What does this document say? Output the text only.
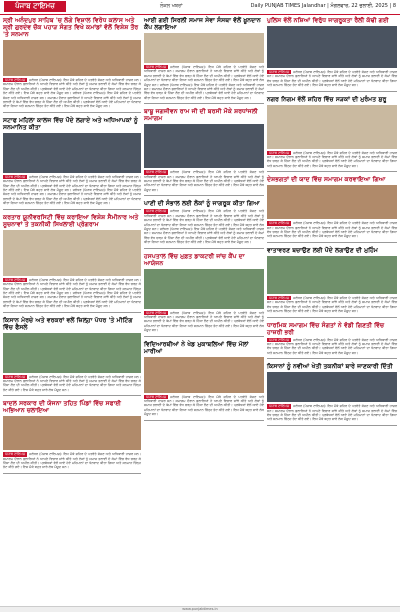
ਪੰਜਾਬ ਟਾਇਮਜ਼	ਲੋਕਲ ਖਬਰਾਂ	Daily PUNJAB TIMES Jalandhar | ਮੰਗਲਵਾਰ, 22 ਜੁਲਾਈ, 2025 | 8
ਸ੍ਰੀ ਅਨੰਦਪੁਰ ਸਾਹਿਬ 'ਚ ਲੱਗੇ ਵਿਸ਼ਾਲ ਵਿਰੋਧ ਕਲਾਸ ਅਤੇ ਸ਼੍ਰੀ ਗੁਰਦੇਵ ਚੌਕ ਪਹਾੜ ਸੰਗਤ ਵਿਖੇ ਕਮਾਂਡਾਂ ਵੱਲੋਂ ਵਿਸ਼ੇਸ਼ ਤੌਰ 'ਤੇ ਸਨਮਾਨ
ਪੰਜਾਬ ਟਾਇਮਜ਼ ਜਲੰਧਰ (ਪੰਜਾਬ ਟਾਇਮਜ਼): ਇਸ ਮੌਕੇ ਸ਼ਹਿਰ ਦੇ ਪਤਵੰਤੇ ਸੱਜਣ ਅਤੇ ਅਧਿਕਾਰੀ ਹਾਜ਼ਰ ਸਨ। ਸਮਾਗਮ ਦੌਰਾਨ ਬੁਲਾਰਿਆਂ ਨੇ ਆਪਣੇ ਵਿਚਾਰ ਸਾਂਝੇ ਕੀਤੇ ਅਤੇ ਲੋਕਾਂ ਨੂੰ ਸਮਾਜ ਭਲਾਈ ਦੇ ਕੰਮਾਂ ਵਿੱਚ ਵੱਧ ਚੜ੍ਹ ਕੇ ਹਿੱਸਾ ਲੈਣ ਦੀ ਅਪੀਲ ਕੀਤੀ। ਪ੍ਰਬੰਧਕਾਂ ਵੱਲੋਂ ਆਏ ਹੋਏ ਮਹਿਮਾਨਾਂ ਦਾ ਧੰਨਵਾਦ ਕੀਤਾ ਗਿਆ ਅਤੇ ਸਨਮਾਨ ਚਿੰਨ੍ਹ ਭੇਟ ਕੀਤੇ ਗਏ। ਇਸ ਮੌਕੇ ਬਹੁਤ ਸਾਰੇ ਲੋਕ ਮੌਜੂਦ ਸਨ। ਜਲੰਧਰ (ਪੰਜਾਬ ਟਾਇਮਜ਼): ਇਸ ਮੌਕੇ ਸ਼ਹਿਰ ਦੇ ਪਤਵੰਤੇ ਸੱਜਣ ਅਤੇ ਅਧਿਕਾਰੀ ਹਾਜ਼ਰ ਸਨ। ਸਮਾਗਮ ਦੌਰਾਨ ਬੁਲਾਰਿਆਂ ਨੇ ਆਪਣੇ ਵਿਚਾਰ ਸਾਂਝੇ ਕੀਤੇ ਅਤੇ ਲੋਕਾਂ ਨੂੰ ਸਮਾਜ ਭਲਾਈ ਦੇ ਕੰਮਾਂ ਵਿੱਚ ਵੱਧ ਚੜ੍ਹ ਕੇ ਹਿੱਸਾ ਲੈਣ ਦੀ ਅਪੀਲ ਕੀਤੀ। ਪ੍ਰਬੰਧਕਾਂ ਵੱਲੋਂ ਆਏ ਹੋਏ ਮਹਿਮਾਨਾਂ ਦਾ ਧੰਨਵਾਦ ਕੀਤਾ ਗਿਆ ਅਤੇ ਸਨਮਾਨ ਚਿੰਨ੍ਹ ਭੇਟ ਕੀਤੇ ਗਏ। ਇਸ ਮੌਕੇ ਬਹੁਤ ਸਾਰੇ ਲੋਕ ਮੌਜੂਦ ਸਨ।
ਸਟਾਫ ਮਹਿਲਾ ਕਾਲਜ ਵਿੱਚ ਪੌਦੇ ਲਗਾਏ ਅਤੇ ਅਧਿਆਪਕਾਂ ਨੂੰ ਸਨਮਾਨਿਤ ਕੀਤਾ
ਪੰਜਾਬ ਟਾਇਮਜ਼ ਜਲੰਧਰ (ਪੰਜਾਬ ਟਾਇਮਜ਼): ਇਸ ਮੌਕੇ ਸ਼ਹਿਰ ਦੇ ਪਤਵੰਤੇ ਸੱਜਣ ਅਤੇ ਅਧਿਕਾਰੀ ਹਾਜ਼ਰ ਸਨ। ਸਮਾਗਮ ਦੌਰਾਨ ਬੁਲਾਰਿਆਂ ਨੇ ਆਪਣੇ ਵਿਚਾਰ ਸਾਂਝੇ ਕੀਤੇ ਅਤੇ ਲੋਕਾਂ ਨੂੰ ਸਮਾਜ ਭਲਾਈ ਦੇ ਕੰਮਾਂ ਵਿੱਚ ਵੱਧ ਚੜ੍ਹ ਕੇ ਹਿੱਸਾ ਲੈਣ ਦੀ ਅਪੀਲ ਕੀਤੀ। ਪ੍ਰਬੰਧਕਾਂ ਵੱਲੋਂ ਆਏ ਹੋਏ ਮਹਿਮਾਨਾਂ ਦਾ ਧੰਨਵਾਦ ਕੀਤਾ ਗਿਆ ਅਤੇ ਸਨਮਾਨ ਚਿੰਨ੍ਹ ਭੇਟ ਕੀਤੇ ਗਏ। ਇਸ ਮੌਕੇ ਬਹੁਤ ਸਾਰੇ ਲੋਕ ਮੌਜੂਦ ਸਨ। ਜਲੰਧਰ (ਪੰਜਾਬ ਟਾਇਮਜ਼): ਇਸ ਮੌਕੇ ਸ਼ਹਿਰ ਦੇ ਪਤਵੰਤੇ ਸੱਜਣ ਅਤੇ ਅਧਿਕਾਰੀ ਹਾਜ਼ਰ ਸਨ। ਸਮਾਗਮ ਦੌਰਾਨ ਬੁਲਾਰਿਆਂ ਨੇ ਆਪਣੇ ਵਿਚਾਰ ਸਾਂਝੇ ਕੀਤੇ ਅਤੇ ਲੋਕਾਂ ਨੂੰ ਸਮਾਜ ਭਲਾਈ ਦੇ ਕੰਮਾਂ ਵਿੱਚ ਵੱਧ ਚੜ੍ਹ ਕੇ ਹਿੱਸਾ ਲੈਣ ਦੀ ਅਪੀਲ ਕੀਤੀ। ਪ੍ਰਬੰਧਕਾਂ ਵੱਲੋਂ ਆਏ ਹੋਏ ਮਹਿਮਾਨਾਂ ਦਾ ਧੰਨਵਾਦ ਕੀਤਾ ਗਿਆ ਅਤੇ ਸਨਮਾਨ ਚਿੰਨ੍ਹ ਭੇਟ ਕੀਤੇ ਗਏ। ਇਸ ਮੌਕੇ ਬਹੁਤ ਸਾਰੇ ਲੋਕ ਮੌਜੂਦ ਸਨ।
ਕਰਤਾਰ ਯੂਨੀਵਰਸਿਟੀ ਵਿੱਚ ਕਰਾਇਆ ਵਿਸ਼ੇਸ਼ ਸੈਮੀਨਾਰ ਅਤੇ ਸੂਚਨਾਵਾਂ ਤੇ ਤਕਨੀਕੀ ਸਿਖਲਾਈ ਪ੍ਰੋਗਰਾਮ
ਪੰਜਾਬ ਟਾਇਮਜ਼ ਜਲੰਧਰ (ਪੰਜਾਬ ਟਾਇਮਜ਼): ਇਸ ਮੌਕੇ ਸ਼ਹਿਰ ਦੇ ਪਤਵੰਤੇ ਸੱਜਣ ਅਤੇ ਅਧਿਕਾਰੀ ਹਾਜ਼ਰ ਸਨ। ਸਮਾਗਮ ਦੌਰਾਨ ਬੁਲਾਰਿਆਂ ਨੇ ਆਪਣੇ ਵਿਚਾਰ ਸਾਂਝੇ ਕੀਤੇ ਅਤੇ ਲੋਕਾਂ ਨੂੰ ਸਮਾਜ ਭਲਾਈ ਦੇ ਕੰਮਾਂ ਵਿੱਚ ਵੱਧ ਚੜ੍ਹ ਕੇ ਹਿੱਸਾ ਲੈਣ ਦੀ ਅਪੀਲ ਕੀਤੀ। ਪ੍ਰਬੰਧਕਾਂ ਵੱਲੋਂ ਆਏ ਹੋਏ ਮਹਿਮਾਨਾਂ ਦਾ ਧੰਨਵਾਦ ਕੀਤਾ ਗਿਆ ਅਤੇ ਸਨਮਾਨ ਚਿੰਨ੍ਹ ਭੇਟ ਕੀਤੇ ਗਏ। ਇਸ ਮੌਕੇ ਬਹੁਤ ਸਾਰੇ ਲੋਕ ਮੌਜੂਦ ਸਨ। ਜਲੰਧਰ (ਪੰਜਾਬ ਟਾਇਮਜ਼): ਇਸ ਮੌਕੇ ਸ਼ਹਿਰ ਦੇ ਪਤਵੰਤੇ ਸੱਜਣ ਅਤੇ ਅਧਿਕਾਰੀ ਹਾਜ਼ਰ ਸਨ। ਸਮਾਗਮ ਦੌਰਾਨ ਬੁਲਾਰਿਆਂ ਨੇ ਆਪਣੇ ਵਿਚਾਰ ਸਾਂਝੇ ਕੀਤੇ ਅਤੇ ਲੋਕਾਂ ਨੂੰ ਸਮਾਜ ਭਲਾਈ ਦੇ ਕੰਮਾਂ ਵਿੱਚ ਵੱਧ ਚੜ੍ਹ ਕੇ ਹਿੱਸਾ ਲੈਣ ਦੀ ਅਪੀਲ ਕੀਤੀ। ਪ੍ਰਬੰਧਕਾਂ ਵੱਲੋਂ ਆਏ ਹੋਏ ਮਹਿਮਾਨਾਂ ਦਾ ਧੰਨਵਾਦ ਕੀਤਾ ਗਿਆ ਅਤੇ ਸਨਮਾਨ ਚਿੰਨ੍ਹ ਭੇਟ ਕੀਤੇ ਗਏ। ਇਸ ਮੌਕੇ ਬਹੁਤ ਸਾਰੇ ਲੋਕ ਮੌਜੂਦ ਸਨ।
ਕਿਸਾਨ ਮੋਰਚੇ ਅਤੇ ਵਰਕਰਾਂ ਵਲੋਂ ਜ਼ਿਲ੍ਹਾ ਪੱਧਰ 'ਤੇ ਮੀਟਿੰਗ ਵਿੱਚ ਫੈਸਲੇ
ਪੰਜਾਬ ਟਾਇਮਜ਼ ਜਲੰਧਰ (ਪੰਜਾਬ ਟਾਇਮਜ਼): ਇਸ ਮੌਕੇ ਸ਼ਹਿਰ ਦੇ ਪਤਵੰਤੇ ਸੱਜਣ ਅਤੇ ਅਧਿਕਾਰੀ ਹਾਜ਼ਰ ਸਨ। ਸਮਾਗਮ ਦੌਰਾਨ ਬੁਲਾਰਿਆਂ ਨੇ ਆਪਣੇ ਵਿਚਾਰ ਸਾਂਝੇ ਕੀਤੇ ਅਤੇ ਲੋਕਾਂ ਨੂੰ ਸਮਾਜ ਭਲਾਈ ਦੇ ਕੰਮਾਂ ਵਿੱਚ ਵੱਧ ਚੜ੍ਹ ਕੇ ਹਿੱਸਾ ਲੈਣ ਦੀ ਅਪੀਲ ਕੀਤੀ। ਪ੍ਰਬੰਧਕਾਂ ਵੱਲੋਂ ਆਏ ਹੋਏ ਮਹਿਮਾਨਾਂ ਦਾ ਧੰਨਵਾਦ ਕੀਤਾ ਗਿਆ ਅਤੇ ਸਨਮਾਨ ਚਿੰਨ੍ਹ ਭੇਟ ਕੀਤੇ ਗਏ। ਇਸ ਮੌਕੇ ਬਹੁਤ ਸਾਰੇ ਲੋਕ ਮੌਜੂਦ ਸਨ।
ਬਾਦਲ ਸਰਕਾਰ ਦੀ ਯੋਜਨਾ ਤਹਿਤ ਪਿੰਡਾਂ ਵਿੱਚ ਸਫਾਈ ਅਭਿਆਨ ਚਲਾਇਆ
ਪੰਜਾਬ ਟਾਇਮਜ਼ ਜਲੰਧਰ (ਪੰਜਾਬ ਟਾਇਮਜ਼): ਇਸ ਮੌਕੇ ਸ਼ਹਿਰ ਦੇ ਪਤਵੰਤੇ ਸੱਜਣ ਅਤੇ ਅਧਿਕਾਰੀ ਹਾਜ਼ਰ ਸਨ। ਸਮਾਗਮ ਦੌਰਾਨ ਬੁਲਾਰਿਆਂ ਨੇ ਆਪਣੇ ਵਿਚਾਰ ਸਾਂਝੇ ਕੀਤੇ ਅਤੇ ਲੋਕਾਂ ਨੂੰ ਸਮਾਜ ਭਲਾਈ ਦੇ ਕੰਮਾਂ ਵਿੱਚ ਵੱਧ ਚੜ੍ਹ ਕੇ ਹਿੱਸਾ ਲੈਣ ਦੀ ਅਪੀਲ ਕੀਤੀ। ਪ੍ਰਬੰਧਕਾਂ ਵੱਲੋਂ ਆਏ ਹੋਏ ਮਹਿਮਾਨਾਂ ਦਾ ਧੰਨਵਾਦ ਕੀਤਾ ਗਿਆ ਅਤੇ ਸਨਮਾਨ ਚਿੰਨ੍ਹ ਭੇਟ ਕੀਤੇ ਗਏ। ਇਸ ਮੌਕੇ ਬਹੁਤ ਸਾਰੇ ਲੋਕ ਮੌਜੂਦ ਸਨ।
ਆਈ ਗਈ ਸਿਰਲੀ ਸਮਾਜ ਸੇਵਾ ਸੰਸਥਾ ਵੱਲੋਂ ਖ਼ੂਨਦਾਨ ਕੈਂਪ ਲਗਾਇਆ
ਪੰਜਾਬ ਟਾਇਮਜ਼ ਜਲੰਧਰ (ਪੰਜਾਬ ਟਾਇਮਜ਼): ਇਸ ਮੌਕੇ ਸ਼ਹਿਰ ਦੇ ਪਤਵੰਤੇ ਸੱਜਣ ਅਤੇ ਅਧਿਕਾਰੀ ਹਾਜ਼ਰ ਸਨ। ਸਮਾਗਮ ਦੌਰਾਨ ਬੁਲਾਰਿਆਂ ਨੇ ਆਪਣੇ ਵਿਚਾਰ ਸਾਂਝੇ ਕੀਤੇ ਅਤੇ ਲੋਕਾਂ ਨੂੰ ਸਮਾਜ ਭਲਾਈ ਦੇ ਕੰਮਾਂ ਵਿੱਚ ਵੱਧ ਚੜ੍ਹ ਕੇ ਹਿੱਸਾ ਲੈਣ ਦੀ ਅਪੀਲ ਕੀਤੀ। ਪ੍ਰਬੰਧਕਾਂ ਵੱਲੋਂ ਆਏ ਹੋਏ ਮਹਿਮਾਨਾਂ ਦਾ ਧੰਨਵਾਦ ਕੀਤਾ ਗਿਆ ਅਤੇ ਸਨਮਾਨ ਚਿੰਨ੍ਹ ਭੇਟ ਕੀਤੇ ਗਏ। ਇਸ ਮੌਕੇ ਬਹੁਤ ਸਾਰੇ ਲੋਕ ਮੌਜੂਦ ਸਨ। ਜਲੰਧਰ (ਪੰਜਾਬ ਟਾਇਮਜ਼): ਇਸ ਮੌਕੇ ਸ਼ਹਿਰ ਦੇ ਪਤਵੰਤੇ ਸੱਜਣ ਅਤੇ ਅਧਿਕਾਰੀ ਹਾਜ਼ਰ ਸਨ। ਸਮਾਗਮ ਦੌਰਾਨ ਬੁਲਾਰਿਆਂ ਨੇ ਆਪਣੇ ਵਿਚਾਰ ਸਾਂਝੇ ਕੀਤੇ ਅਤੇ ਲੋਕਾਂ ਨੂੰ ਸਮਾਜ ਭਲਾਈ ਦੇ ਕੰਮਾਂ ਵਿੱਚ ਵੱਧ ਚੜ੍ਹ ਕੇ ਹਿੱਸਾ ਲੈਣ ਦੀ ਅਪੀਲ ਕੀਤੀ। ਪ੍ਰਬੰਧਕਾਂ ਵੱਲੋਂ ਆਏ ਹੋਏ ਮਹਿਮਾਨਾਂ ਦਾ ਧੰਨਵਾਦ ਕੀਤਾ ਗਿਆ ਅਤੇ ਸਨਮਾਨ ਚਿੰਨ੍ਹ ਭੇਟ ਕੀਤੇ ਗਏ। ਇਸ ਮੌਕੇ ਬਹੁਤ ਸਾਰੇ ਲੋਕ ਮੌਜੂਦ ਸਨ।
ਬਾਬੂ ਜਗਜੀਵਨ ਰਾਮ ਜੀ ਦੀ ਬਰਸੀ ਮੌਕੇ ਸ਼ਰਧਾਂਜਲੀ ਸਮਾਗਮ
ਪੰਜਾਬ ਟਾਇਮਜ਼ ਜਲੰਧਰ (ਪੰਜਾਬ ਟਾਇਮਜ਼): ਇਸ ਮੌਕੇ ਸ਼ਹਿਰ ਦੇ ਪਤਵੰਤੇ ਸੱਜਣ ਅਤੇ ਅਧਿਕਾਰੀ ਹਾਜ਼ਰ ਸਨ। ਸਮਾਗਮ ਦੌਰਾਨ ਬੁਲਾਰਿਆਂ ਨੇ ਆਪਣੇ ਵਿਚਾਰ ਸਾਂਝੇ ਕੀਤੇ ਅਤੇ ਲੋਕਾਂ ਨੂੰ ਸਮਾਜ ਭਲਾਈ ਦੇ ਕੰਮਾਂ ਵਿੱਚ ਵੱਧ ਚੜ੍ਹ ਕੇ ਹਿੱਸਾ ਲੈਣ ਦੀ ਅਪੀਲ ਕੀਤੀ। ਪ੍ਰਬੰਧਕਾਂ ਵੱਲੋਂ ਆਏ ਹੋਏ ਮਹਿਮਾਨਾਂ ਦਾ ਧੰਨਵਾਦ ਕੀਤਾ ਗਿਆ ਅਤੇ ਸਨਮਾਨ ਚਿੰਨ੍ਹ ਭੇਟ ਕੀਤੇ ਗਏ। ਇਸ ਮੌਕੇ ਬਹੁਤ ਸਾਰੇ ਲੋਕ ਮੌਜੂਦ ਸਨ।
ਪਾਣੀ ਦੀ ਸੰਭਾਲ ਲਈ ਲੋਕਾਂ ਨੂੰ ਜਾਗਰੂਕ ਕੀਤਾ ਗਿਆ
ਪੰਜਾਬ ਟਾਇਮਜ਼ ਜਲੰਧਰ (ਪੰਜਾਬ ਟਾਇਮਜ਼): ਇਸ ਮੌਕੇ ਸ਼ਹਿਰ ਦੇ ਪਤਵੰਤੇ ਸੱਜਣ ਅਤੇ ਅਧਿਕਾਰੀ ਹਾਜ਼ਰ ਸਨ। ਸਮਾਗਮ ਦੌਰਾਨ ਬੁਲਾਰਿਆਂ ਨੇ ਆਪਣੇ ਵਿਚਾਰ ਸਾਂਝੇ ਕੀਤੇ ਅਤੇ ਲੋਕਾਂ ਨੂੰ ਸਮਾਜ ਭਲਾਈ ਦੇ ਕੰਮਾਂ ਵਿੱਚ ਵੱਧ ਚੜ੍ਹ ਕੇ ਹਿੱਸਾ ਲੈਣ ਦੀ ਅਪੀਲ ਕੀਤੀ। ਪ੍ਰਬੰਧਕਾਂ ਵੱਲੋਂ ਆਏ ਹੋਏ ਮਹਿਮਾਨਾਂ ਦਾ ਧੰਨਵਾਦ ਕੀਤਾ ਗਿਆ ਅਤੇ ਸਨਮਾਨ ਚਿੰਨ੍ਹ ਭੇਟ ਕੀਤੇ ਗਏ। ਇਸ ਮੌਕੇ ਬਹੁਤ ਸਾਰੇ ਲੋਕ ਮੌਜੂਦ ਸਨ। ਜਲੰਧਰ (ਪੰਜਾਬ ਟਾਇਮਜ਼): ਇਸ ਮੌਕੇ ਸ਼ਹਿਰ ਦੇ ਪਤਵੰਤੇ ਸੱਜਣ ਅਤੇ ਅਧਿਕਾਰੀ ਹਾਜ਼ਰ ਸਨ। ਸਮਾਗਮ ਦੌਰਾਨ ਬੁਲਾਰਿਆਂ ਨੇ ਆਪਣੇ ਵਿਚਾਰ ਸਾਂਝੇ ਕੀਤੇ ਅਤੇ ਲੋਕਾਂ ਨੂੰ ਸਮਾਜ ਭਲਾਈ ਦੇ ਕੰਮਾਂ ਵਿੱਚ ਵੱਧ ਚੜ੍ਹ ਕੇ ਹਿੱਸਾ ਲੈਣ ਦੀ ਅਪੀਲ ਕੀਤੀ। ਪ੍ਰਬੰਧਕਾਂ ਵੱਲੋਂ ਆਏ ਹੋਏ ਮਹਿਮਾਨਾਂ ਦਾ ਧੰਨਵਾਦ ਕੀਤਾ ਗਿਆ ਅਤੇ ਸਨਮਾਨ ਚਿੰਨ੍ਹ ਭੇਟ ਕੀਤੇ ਗਏ। ਇਸ ਮੌਕੇ ਬਹੁਤ ਸਾਰੇ ਲੋਕ ਮੌਜੂਦ ਸਨ।
ਹਸਪਤਾਲ ਵਿੱਚ ਮੁਫ਼ਤ ਡਾਕਟਰੀ ਜਾਂਚ ਕੈਂਪ ਦਾ ਆਯੋਜਨ
ਪੰਜਾਬ ਟਾਇਮਜ਼ ਜਲੰਧਰ (ਪੰਜਾਬ ਟਾਇਮਜ਼): ਇਸ ਮੌਕੇ ਸ਼ਹਿਰ ਦੇ ਪਤਵੰਤੇ ਸੱਜਣ ਅਤੇ ਅਧਿਕਾਰੀ ਹਾਜ਼ਰ ਸਨ। ਸਮਾਗਮ ਦੌਰਾਨ ਬੁਲਾਰਿਆਂ ਨੇ ਆਪਣੇ ਵਿਚਾਰ ਸਾਂਝੇ ਕੀਤੇ ਅਤੇ ਲੋਕਾਂ ਨੂੰ ਸਮਾਜ ਭਲਾਈ ਦੇ ਕੰਮਾਂ ਵਿੱਚ ਵੱਧ ਚੜ੍ਹ ਕੇ ਹਿੱਸਾ ਲੈਣ ਦੀ ਅਪੀਲ ਕੀਤੀ। ਪ੍ਰਬੰਧਕਾਂ ਵੱਲੋਂ ਆਏ ਹੋਏ ਮਹਿਮਾਨਾਂ ਦਾ ਧੰਨਵਾਦ ਕੀਤਾ ਗਿਆ ਅਤੇ ਸਨਮਾਨ ਚਿੰਨ੍ਹ ਭੇਟ ਕੀਤੇ ਗਏ। ਇਸ ਮੌਕੇ ਬਹੁਤ ਸਾਰੇ ਲੋਕ ਮੌਜੂਦ ਸਨ।
ਵਿਦਿਆਰਥੀਆਂ ਨੇ ਖੇਡ ਮੁਕਾਬਲਿਆਂ ਵਿੱਚ ਮੱਲਾਂ ਮਾਰੀਆਂ
ਪੰਜਾਬ ਟਾਇਮਜ਼ ਜਲੰਧਰ (ਪੰਜਾਬ ਟਾਇਮਜ਼): ਇਸ ਮੌਕੇ ਸ਼ਹਿਰ ਦੇ ਪਤਵੰਤੇ ਸੱਜਣ ਅਤੇ ਅਧਿਕਾਰੀ ਹਾਜ਼ਰ ਸਨ। ਸਮਾਗਮ ਦੌਰਾਨ ਬੁਲਾਰਿਆਂ ਨੇ ਆਪਣੇ ਵਿਚਾਰ ਸਾਂਝੇ ਕੀਤੇ ਅਤੇ ਲੋਕਾਂ ਨੂੰ ਸਮਾਜ ਭਲਾਈ ਦੇ ਕੰਮਾਂ ਵਿੱਚ ਵੱਧ ਚੜ੍ਹ ਕੇ ਹਿੱਸਾ ਲੈਣ ਦੀ ਅਪੀਲ ਕੀਤੀ। ਪ੍ਰਬੰਧਕਾਂ ਵੱਲੋਂ ਆਏ ਹੋਏ ਮਹਿਮਾਨਾਂ ਦਾ ਧੰਨਵਾਦ ਕੀਤਾ ਗਿਆ ਅਤੇ ਸਨਮਾਨ ਚਿੰਨ੍ਹ ਭੇਟ ਕੀਤੇ ਗਏ। ਇਸ ਮੌਕੇ ਬਹੁਤ ਸਾਰੇ ਲੋਕ ਮੌਜੂਦ ਸਨ।
ਪੁਲਿਸ ਵੱਲੋਂ ਨਸ਼ਿਆਂ ਵਿਰੁੱਧ ਜਾਗਰੂਕਤਾ ਰੈਲੀ ਕੱਢੀ ਗਈ
ਪੰਜਾਬ ਟਾਇਮਜ਼ ਜਲੰਧਰ (ਪੰਜਾਬ ਟਾਇਮਜ਼): ਇਸ ਮੌਕੇ ਸ਼ਹਿਰ ਦੇ ਪਤਵੰਤੇ ਸੱਜਣ ਅਤੇ ਅਧਿਕਾਰੀ ਹਾਜ਼ਰ ਸਨ। ਸਮਾਗਮ ਦੌਰਾਨ ਬੁਲਾਰਿਆਂ ਨੇ ਆਪਣੇ ਵਿਚਾਰ ਸਾਂਝੇ ਕੀਤੇ ਅਤੇ ਲੋਕਾਂ ਨੂੰ ਸਮਾਜ ਭਲਾਈ ਦੇ ਕੰਮਾਂ ਵਿੱਚ ਵੱਧ ਚੜ੍ਹ ਕੇ ਹਿੱਸਾ ਲੈਣ ਦੀ ਅਪੀਲ ਕੀਤੀ। ਪ੍ਰਬੰਧਕਾਂ ਵੱਲੋਂ ਆਏ ਹੋਏ ਮਹਿਮਾਨਾਂ ਦਾ ਧੰਨਵਾਦ ਕੀਤਾ ਗਿਆ ਅਤੇ ਸਨਮਾਨ ਚਿੰਨ੍ਹ ਭੇਟ ਕੀਤੇ ਗਏ। ਇਸ ਮੌਕੇ ਬਹੁਤ ਸਾਰੇ ਲੋਕ ਮੌਜੂਦ ਸਨ।
ਨਗਰ ਨਿਗਮ ਵੱਲੋਂ ਸ਼ਹਿਰ ਵਿੱਚ ਸੜਕਾਂ ਦੀ ਮੁਰੰਮਤ ਸ਼ੁਰੂ
ਪੰਜਾਬ ਟਾਇਮਜ਼ ਜਲੰਧਰ (ਪੰਜਾਬ ਟਾਇਮਜ਼): ਇਸ ਮੌਕੇ ਸ਼ਹਿਰ ਦੇ ਪਤਵੰਤੇ ਸੱਜਣ ਅਤੇ ਅਧਿਕਾਰੀ ਹਾਜ਼ਰ ਸਨ। ਸਮਾਗਮ ਦੌਰਾਨ ਬੁਲਾਰਿਆਂ ਨੇ ਆਪਣੇ ਵਿਚਾਰ ਸਾਂਝੇ ਕੀਤੇ ਅਤੇ ਲੋਕਾਂ ਨੂੰ ਸਮਾਜ ਭਲਾਈ ਦੇ ਕੰਮਾਂ ਵਿੱਚ ਵੱਧ ਚੜ੍ਹ ਕੇ ਹਿੱਸਾ ਲੈਣ ਦੀ ਅਪੀਲ ਕੀਤੀ। ਪ੍ਰਬੰਧਕਾਂ ਵੱਲੋਂ ਆਏ ਹੋਏ ਮਹਿਮਾਨਾਂ ਦਾ ਧੰਨਵਾਦ ਕੀਤਾ ਗਿਆ ਅਤੇ ਸਨਮਾਨ ਚਿੰਨ੍ਹ ਭੇਟ ਕੀਤੇ ਗਏ। ਇਸ ਮੌਕੇ ਬਹੁਤ ਸਾਰੇ ਲੋਕ ਮੌਜੂਦ ਸਨ।
ਦੇਸ਼ਭਗਤਾਂ ਦੀ ਯਾਦ ਵਿੱਚ ਸਮਾਗਮ ਕਰਵਾਇਆ ਗਿਆ
ਪੰਜਾਬ ਟਾਇਮਜ਼ ਜਲੰਧਰ (ਪੰਜਾਬ ਟਾਇਮਜ਼): ਇਸ ਮੌਕੇ ਸ਼ਹਿਰ ਦੇ ਪਤਵੰਤੇ ਸੱਜਣ ਅਤੇ ਅਧਿਕਾਰੀ ਹਾਜ਼ਰ ਸਨ। ਸਮਾਗਮ ਦੌਰਾਨ ਬੁਲਾਰਿਆਂ ਨੇ ਆਪਣੇ ਵਿਚਾਰ ਸਾਂਝੇ ਕੀਤੇ ਅਤੇ ਲੋਕਾਂ ਨੂੰ ਸਮਾਜ ਭਲਾਈ ਦੇ ਕੰਮਾਂ ਵਿੱਚ ਵੱਧ ਚੜ੍ਹ ਕੇ ਹਿੱਸਾ ਲੈਣ ਦੀ ਅਪੀਲ ਕੀਤੀ। ਪ੍ਰਬੰਧਕਾਂ ਵੱਲੋਂ ਆਏ ਹੋਏ ਮਹਿਮਾਨਾਂ ਦਾ ਧੰਨਵਾਦ ਕੀਤਾ ਗਿਆ ਅਤੇ ਸਨਮਾਨ ਚਿੰਨ੍ਹ ਭੇਟ ਕੀਤੇ ਗਏ। ਇਸ ਮੌਕੇ ਬਹੁਤ ਸਾਰੇ ਲੋਕ ਮੌਜੂਦ ਸਨ।
ਵਾਤਾਵਰਣ ਬਚਾਉਣ ਲਈ ਪੌਦੇ ਲਗਾਉਣ ਦੀ ਮੁਹਿੰਮ
ਪੰਜਾਬ ਟਾਇਮਜ਼ ਜਲੰਧਰ (ਪੰਜਾਬ ਟਾਇਮਜ਼): ਇਸ ਮੌਕੇ ਸ਼ਹਿਰ ਦੇ ਪਤਵੰਤੇ ਸੱਜਣ ਅਤੇ ਅਧਿਕਾਰੀ ਹਾਜ਼ਰ ਸਨ। ਸਮਾਗਮ ਦੌਰਾਨ ਬੁਲਾਰਿਆਂ ਨੇ ਆਪਣੇ ਵਿਚਾਰ ਸਾਂਝੇ ਕੀਤੇ ਅਤੇ ਲੋਕਾਂ ਨੂੰ ਸਮਾਜ ਭਲਾਈ ਦੇ ਕੰਮਾਂ ਵਿੱਚ ਵੱਧ ਚੜ੍ਹ ਕੇ ਹਿੱਸਾ ਲੈਣ ਦੀ ਅਪੀਲ ਕੀਤੀ। ਪ੍ਰਬੰਧਕਾਂ ਵੱਲੋਂ ਆਏ ਹੋਏ ਮਹਿਮਾਨਾਂ ਦਾ ਧੰਨਵਾਦ ਕੀਤਾ ਗਿਆ ਅਤੇ ਸਨਮਾਨ ਚਿੰਨ੍ਹ ਭੇਟ ਕੀਤੇ ਗਏ। ਇਸ ਮੌਕੇ ਬਹੁਤ ਸਾਰੇ ਲੋਕ ਮੌਜੂਦ ਸਨ।
ਧਾਰਮਿਕ ਸਮਾਗਮ ਵਿੱਚ ਸੰਗਤਾਂ ਨੇ ਵੱਡੀ ਗਿਣਤੀ ਵਿੱਚ ਹਾਜ਼ਰੀ ਭਰੀ
ਪੰਜਾਬ ਟਾਇਮਜ਼ ਜਲੰਧਰ (ਪੰਜਾਬ ਟਾਇਮਜ਼): ਇਸ ਮੌਕੇ ਸ਼ਹਿਰ ਦੇ ਪਤਵੰਤੇ ਸੱਜਣ ਅਤੇ ਅਧਿਕਾਰੀ ਹਾਜ਼ਰ ਸਨ। ਸਮਾਗਮ ਦੌਰਾਨ ਬੁਲਾਰਿਆਂ ਨੇ ਆਪਣੇ ਵਿਚਾਰ ਸਾਂਝੇ ਕੀਤੇ ਅਤੇ ਲੋਕਾਂ ਨੂੰ ਸਮਾਜ ਭਲਾਈ ਦੇ ਕੰਮਾਂ ਵਿੱਚ ਵੱਧ ਚੜ੍ਹ ਕੇ ਹਿੱਸਾ ਲੈਣ ਦੀ ਅਪੀਲ ਕੀਤੀ। ਪ੍ਰਬੰਧਕਾਂ ਵੱਲੋਂ ਆਏ ਹੋਏ ਮਹਿਮਾਨਾਂ ਦਾ ਧੰਨਵਾਦ ਕੀਤਾ ਗਿਆ ਅਤੇ ਸਨਮਾਨ ਚਿੰਨ੍ਹ ਭੇਟ ਕੀਤੇ ਗਏ। ਇਸ ਮੌਕੇ ਬਹੁਤ ਸਾਰੇ ਲੋਕ ਮੌਜੂਦ ਸਨ।
ਕਿਸਾਨਾਂ ਨੂੰ ਨਵੀਆਂ ਖੇਤੀ ਤਕਨੀਕਾਂ ਬਾਰੇ ਜਾਣਕਾਰੀ ਦਿੱਤੀ
ਪੰਜਾਬ ਟਾਇਮਜ਼ ਜਲੰਧਰ (ਪੰਜਾਬ ਟਾਇਮਜ਼): ਇਸ ਮੌਕੇ ਸ਼ਹਿਰ ਦੇ ਪਤਵੰਤੇ ਸੱਜਣ ਅਤੇ ਅਧਿਕਾਰੀ ਹਾਜ਼ਰ ਸਨ। ਸਮਾਗਮ ਦੌਰਾਨ ਬੁਲਾਰਿਆਂ ਨੇ ਆਪਣੇ ਵਿਚਾਰ ਸਾਂਝੇ ਕੀਤੇ ਅਤੇ ਲੋਕਾਂ ਨੂੰ ਸਮਾਜ ਭਲਾਈ ਦੇ ਕੰਮਾਂ ਵਿੱਚ ਵੱਧ ਚੜ੍ਹ ਕੇ ਹਿੱਸਾ ਲੈਣ ਦੀ ਅਪੀਲ ਕੀਤੀ। ਪ੍ਰਬੰਧਕਾਂ ਵੱਲੋਂ ਆਏ ਹੋਏ ਮਹਿਮਾਨਾਂ ਦਾ ਧੰਨਵਾਦ ਕੀਤਾ ਗਿਆ ਅਤੇ ਸਨਮਾਨ ਚਿੰਨ੍ਹ ਭੇਟ ਕੀਤੇ ਗਏ। ਇਸ ਮੌਕੇ ਬਹੁਤ ਸਾਰੇ ਲੋਕ ਮੌਜੂਦ ਸਨ।
www.punjabtimes.in
